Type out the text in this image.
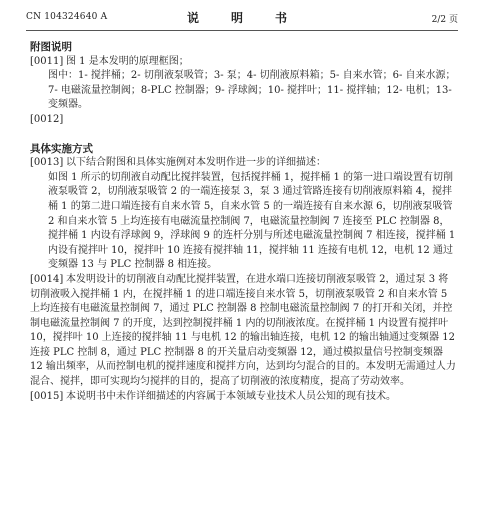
CN 104324640 A	说　明　书	2/2 页

附图说明

[0011] 图 1 是本发明的原理框图；

图中：1- 搅拌桶；2- 切削液泵吸管；3- 泵；4- 切削液原料箱；5- 自来水管；6- 自来水源；7- 电磁流量控制阀；8-PLC 控制器；9- 浮球阀；10- 搅拌叶；11- 搅拌轴；12- 电机；13- 变频器。

[0012]

具体实施方式

[0013] 以下结合附图和具体实施例对本发明作进一步的详细描述：

如图 1 所示的切削液自动配比搅拌装置，包括搅拌桶 1，搅拌桶 1 的第一进口端设置有切削液泵吸管 2，切削液泵吸管 2 的一端连接泵 3，泵 3 通过管路连接有切削液原料箱 4，搅拌桶 1 的第二进口端连接有自来水管 5，自来水管 5 的一端连接有自来水源 6，切削液泵吸管 2 和自来水管 5 上均连接有电磁流量控制阀 7，电磁流量控制阀 7 连接至 PLC 控制器 8，搅拌桶 1 内设有浮球阀 9，浮球阀 9 的连杆分别与所述电磁流量控制阀 7 相连接，搅拌桶 1 内设有搅拌叶 10，搅拌叶 10 连接有搅拌轴 11，搅拌轴 11 连接有电机 12，电机 12 通过变频器 13 与 PLC 控制器 8 相连接。

[0014] 本发明设计的切削液自动配比搅拌装置，在进水端口连接切削液泵吸管 2，通过泵 3 将切削液吸入搅拌桶 1 内，在搅拌桶 1 的进口端连接自来水管 5，切削液泵吸管 2 和自来水管 5 上均连接有电磁流量控制阀 7，通过 PLC 控制器 8 控制电磁流量控制阀 7 的打开和关闭，并控制电磁流量控制阀 7 的开度，达到控制搅拌桶 1 内的切削液浓度。在搅拌桶 1 内设置有搅拌叶 10，搅拌叶 10 上连接的搅拌轴 11 与电机 12 的输出轴连接，电机 12 的输出轴通过变频器 12 连接 PLC 控制 8，通过 PLC 控制器 8 的开关量启动变频器 12，通过模拟量信号控制变频器 12 输出频率，从而控制电机的搅拌速度和搅拌方向，达到均匀混合的目的。本发明无需通过人力混合、搅拌，即可实现均匀搅拌的目的，提高了切削液的浓度精度，提高了劳动效率。

[0015] 本说明书中未作详细描述的内容属于本领域专业技术人员公知的现有技术。
